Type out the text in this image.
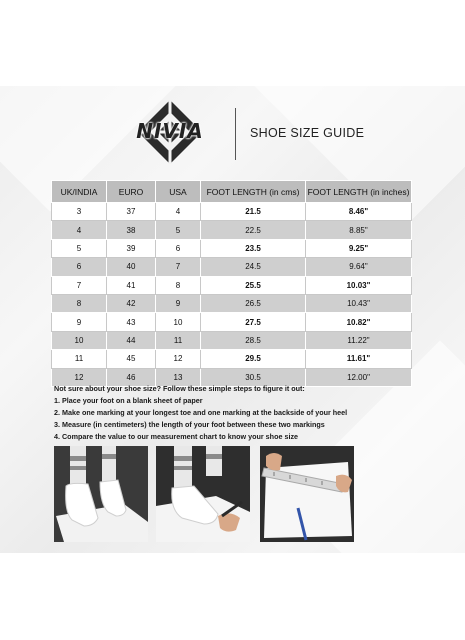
NIVIA	SHOE SIZE GUIDE
UK/INDIA	EURO	USA	FOOT LENGTH (in cms)	FOOT LENGTH (in inches)
3	37	4	21.5	8.46"
4	38	5	22.5	8.85"
5	39	6	23.5	9.25"
6	40	7	24.5	9.64"
7	41	8	25.5	10.03"
8	42	9	26.5	10.43"
9	43	10	27.5	10.82"
10	44	11	28.5	11.22"
11	45	12	29.5	11.61"
12	46	13	30.5	12.00"
Not sure about your shoe size? Follow these simple steps to figure it out:
1. Place your foot on a blank sheet of paper
2. Make one marking at your longest toe and one marking at the backside of your heel
3. Measure (in centimeters) the length of your foot between these two markings
4. Compare the value to our measurement chart to know your shoe size
